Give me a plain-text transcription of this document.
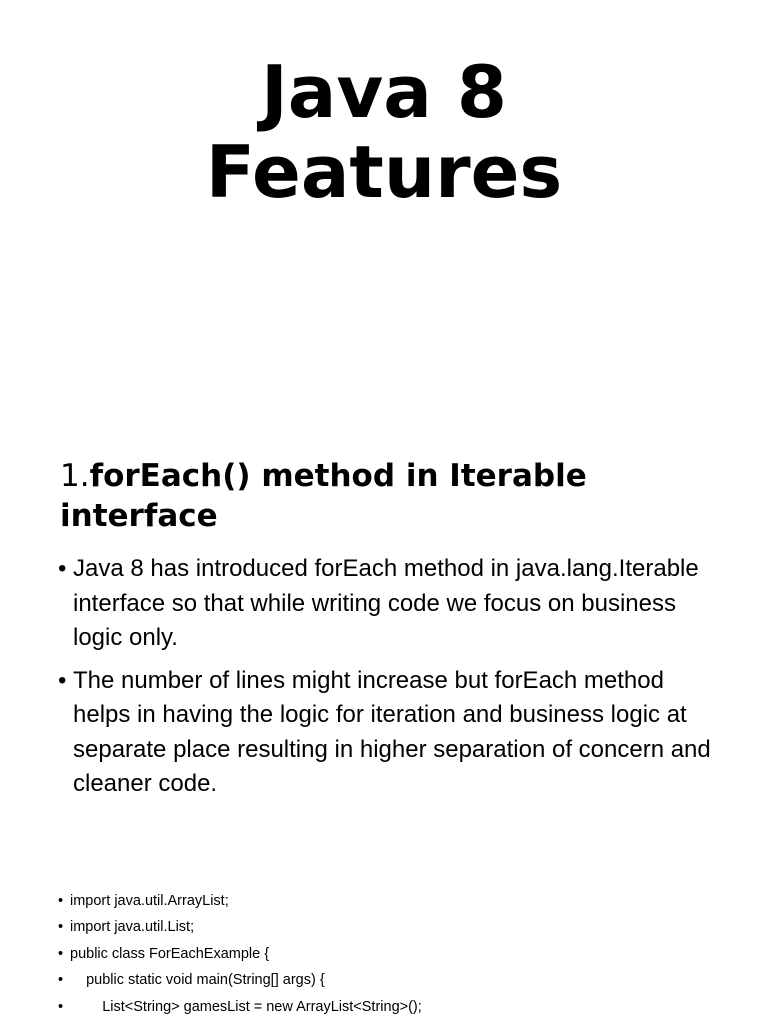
Java 8
Features
1.forEach() method in Iterable interface
• Java 8 has introduced forEach method in java.lang.Iterable interface so that while writing code we focus on business logic only.
• The number of lines might increase but forEach method helps in having the logic for iteration and business logic at separate place resulting in higher separation of concern and cleaner code.
• import java.util.ArrayList;
• import java.util.List;
• public class ForEachExample {
• public static void main(String[] args) {
• List<String> gamesList = new ArrayList<String>();
